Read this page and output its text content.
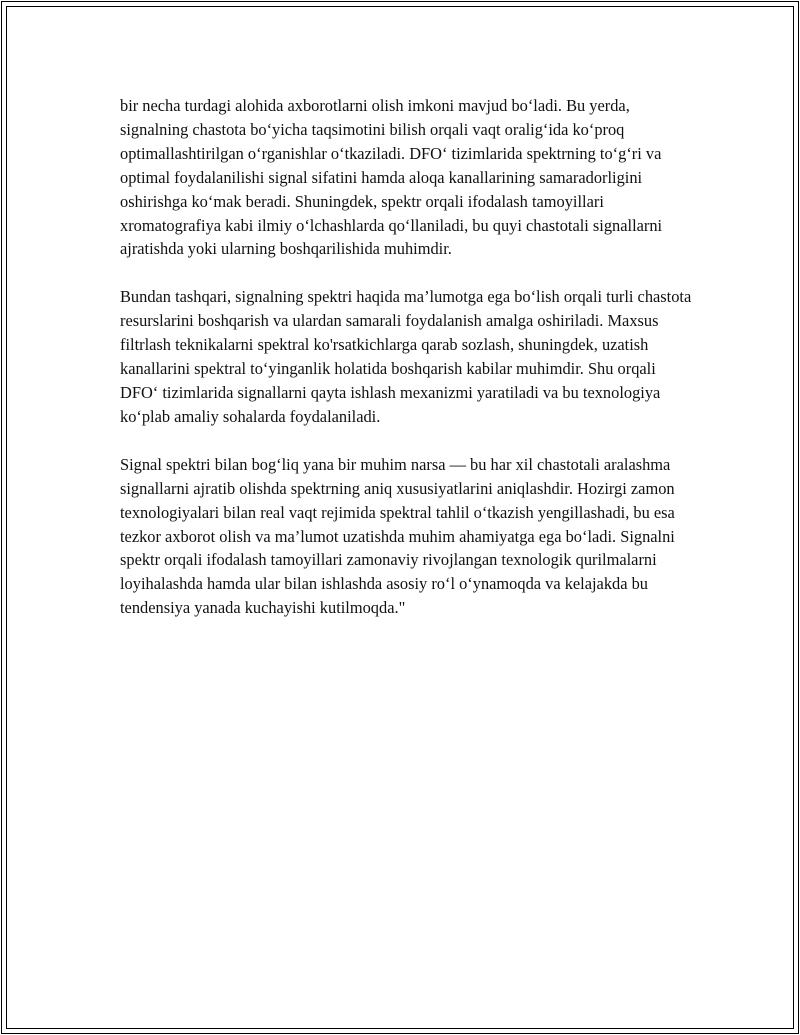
bir necha turdagi alohida axborotlarni olish imkoni mavjud bo‘ladi. Bu yerda, signalning chastota bo‘yicha taqsimotini bilish orqali vaqt oralig‘ida ko‘proq optimallashtirilgan o‘rganishlar o‘tkaziladi. DFO‘ tizimlarida spektrning to‘g‘ri va optimal foydalanilishi signal sifatini hamda aloqa kanallarining samaradorligini oshirishga ko‘mak beradi. Shuningdek, spektr orqali ifodalash tamoyillari xromatografiya kabi ilmiy o‘lchashlarda qo‘llaniladi, bu quyi chastotali signallarni ajratishda yoki ularning boshqarilishida muhimdir.

Bundan tashqari, signalning spektri haqida ma’lumotga ega bo‘lish orqali turli chastota resurslarini boshqarish va ulardan samarali foydalanish amalga oshiriladi. Maxsus filtrlash teknikalarni spektral ko'rsatkichlarga qarab sozlash, shuningdek, uzatish kanallarini spektral to‘yinganlik holatida boshqarish kabilar muhimdir. Shu orqali DFO‘ tizimlarida signallarni qayta ishlash mexanizmi yaratiladi va bu texnologiya ko‘plab amaliy sohalarda foydalaniladi.

Signal spektri bilan bog‘liq yana bir muhim narsa — bu har xil chastotali aralashma signallarni ajratib olishda spektrning aniq xususiyatlarini aniqlashdir. Hozirgi zamon texnologiyalari bilan real vaqt rejimida spektral tahlil o‘tkazish yengillashadi, bu esa tezkor axborot olish va ma’lumot uzatishda muhim ahamiyatga ega bo‘ladi. Signalni spektr orqali ifodalash tamoyillari zamonaviy rivojlangan texnologik qurilmalarni loyihalashda hamda ular bilan ishlashda asosiy ro‘l o‘ynamoqda va kelajakda bu tendensiya yanada kuchayishi kutilmoqda."
